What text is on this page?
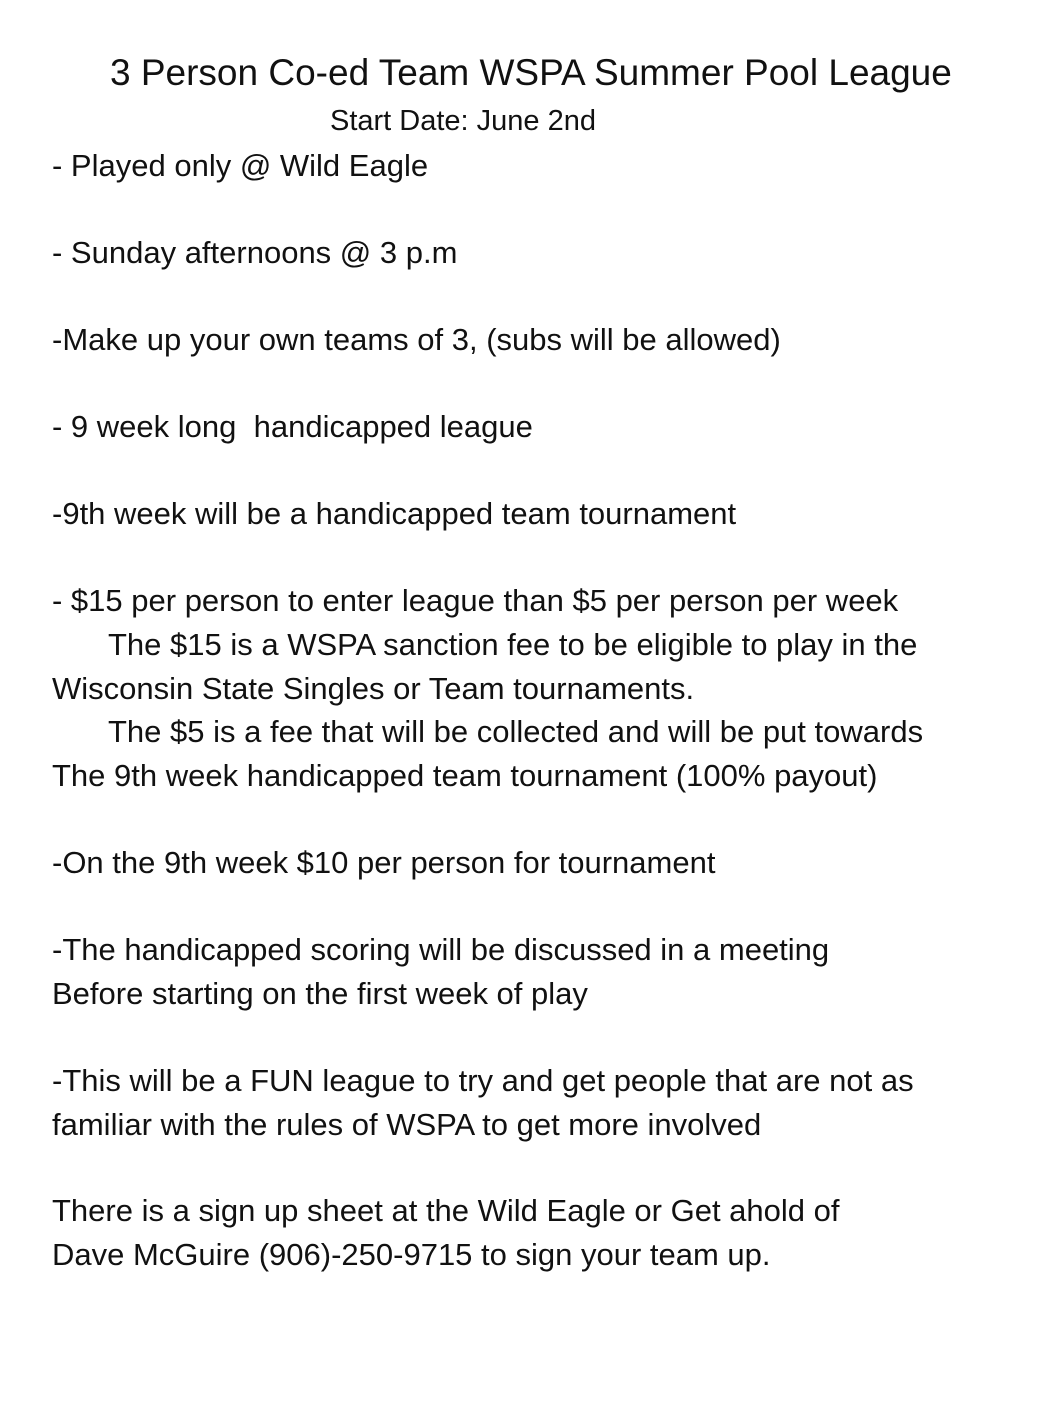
3 Person Co-ed Team WSPA Summer Pool League
Start Date: June 2nd
- Played only @ Wild Eagle
- Sunday afternoons @ 3 p.m
-Make up your own teams of 3, (subs will be allowed)
- 9 week long  handicapped league
-9th week will be a handicapped team tournament
- $15 per person to enter league than $5 per person per week
The $15 is a WSPA sanction fee to be eligible to play in the
Wisconsin State Singles or Team tournaments.
The $5 is a fee that will be collected and will be put towards
The 9th week handicapped team tournament (100% payout)
-On the 9th week $10 per person for tournament
-The handicapped scoring will be discussed in a meeting
Before starting on the first week of play
-This will be a FUN league to try and get people that are not as
familiar with the rules of WSPA to get more involved
There is a sign up sheet at the Wild Eagle or Get ahold of
Dave McGuire (906)-250-9715 to sign your team up.
